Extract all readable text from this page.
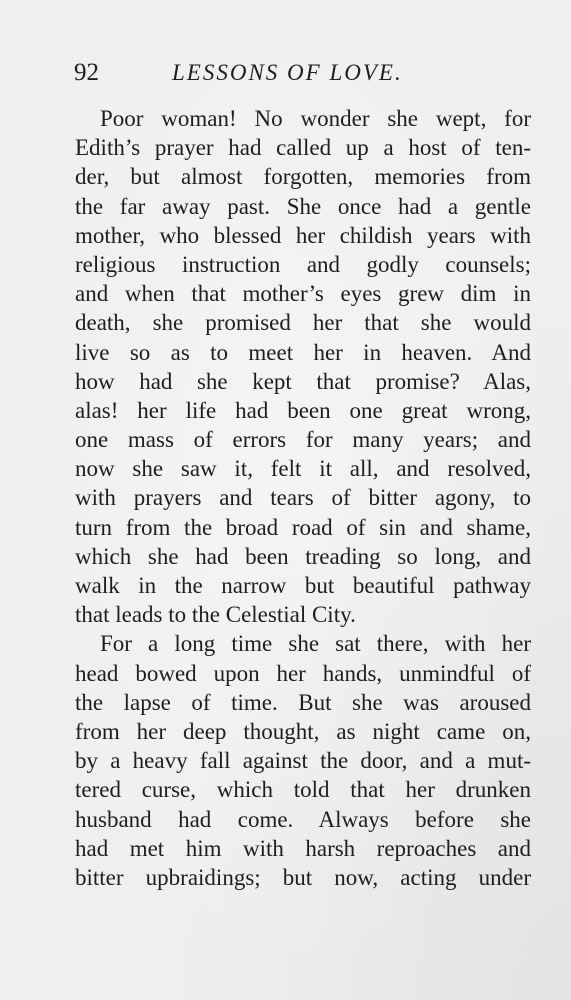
92	LESSONS OF LOVE.
Poor woman! No wonder she wept, for
Edith’s prayer had called up a host of ten-
der, but almost forgotten, memories from
the far away past. She once had a gentle
mother, who blessed her childish years with
religious instruction and godly counsels;
and when that mother’s eyes grew dim in
death, she promised her that she would
live so as to meet her in heaven. And
how had she kept that promise? Alas,
alas! her life had been one great wrong,
one mass of errors for many years; and
now she saw it, felt it all, and resolved,
with prayers and tears of bitter agony, to
turn from the broad road of sin and shame,
which she had been treading so long, and
walk in the narrow but beautiful pathway
that leads to the Celestial City.
For a long time she sat there, with her
head bowed upon her hands, unmindful of
the lapse of time. But she was aroused
from her deep thought, as night came on,
by a heavy fall against the door, and a mut-
tered curse, which told that her drunken
husband had come. Always before she
had met him with harsh reproaches and
bitter upbraidings; but now, acting under
